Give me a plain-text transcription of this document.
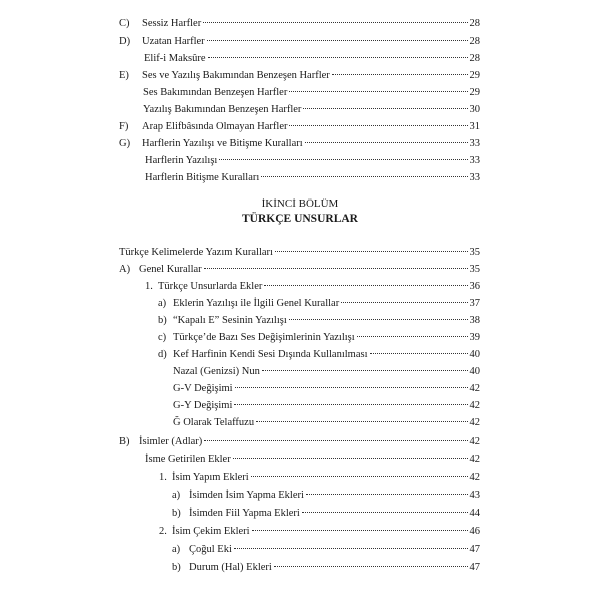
C) Sessiz Harfler	28
D) Uzatan Harfler	28
Elif-i Maksûre	28
E) Ses ve Yazılış Bakımından Benzeşen Harfler	29
Ses Bakımından Benzeşen Harfler	29
Yazılış Bakımından Benzeşen Harfler	30
F) Arap Elifbâsında Olmayan Harfler	31
G) Harflerin Yazılışı ve Bitişme Kuralları	33
Harflerin Yazılışı	33
Harflerin Bitişme Kuralları	33
İKİNCİ BÖLÜM
TÜRKÇE UNSURLAR
Türkçe Kelimelerde Yazım Kuralları	35
A) Genel Kurallar	35
1. Türkçe Unsurlarda Ekler	36
a) Eklerin Yazılışı ile İlgili Genel Kurallar	37
b) “Kapalı E” Sesinin Yazılışı	38
c) Türkçe’de Bazı Ses Değişimlerinin Yazılışı	39
d) Kef Harfinin Kendi Sesi Dışında Kullanılması	40
Nazal (Genizsi) Nun	40
G-V Değişimi	42
G-Y Değişimi	42
Ğ Olarak Telaffuzu	42
B) İsimler (Adlar)	42
İsme Getirilen Ekler	42
1. İsim Yapım Ekleri	42
a) İsimden İsim Yapma Ekleri	43
b) İsimden Fiil Yapma Ekleri	44
2. İsim Çekim Ekleri	46
a) Çoğul Eki	47
b) Durum (Hal) Ekleri	47
